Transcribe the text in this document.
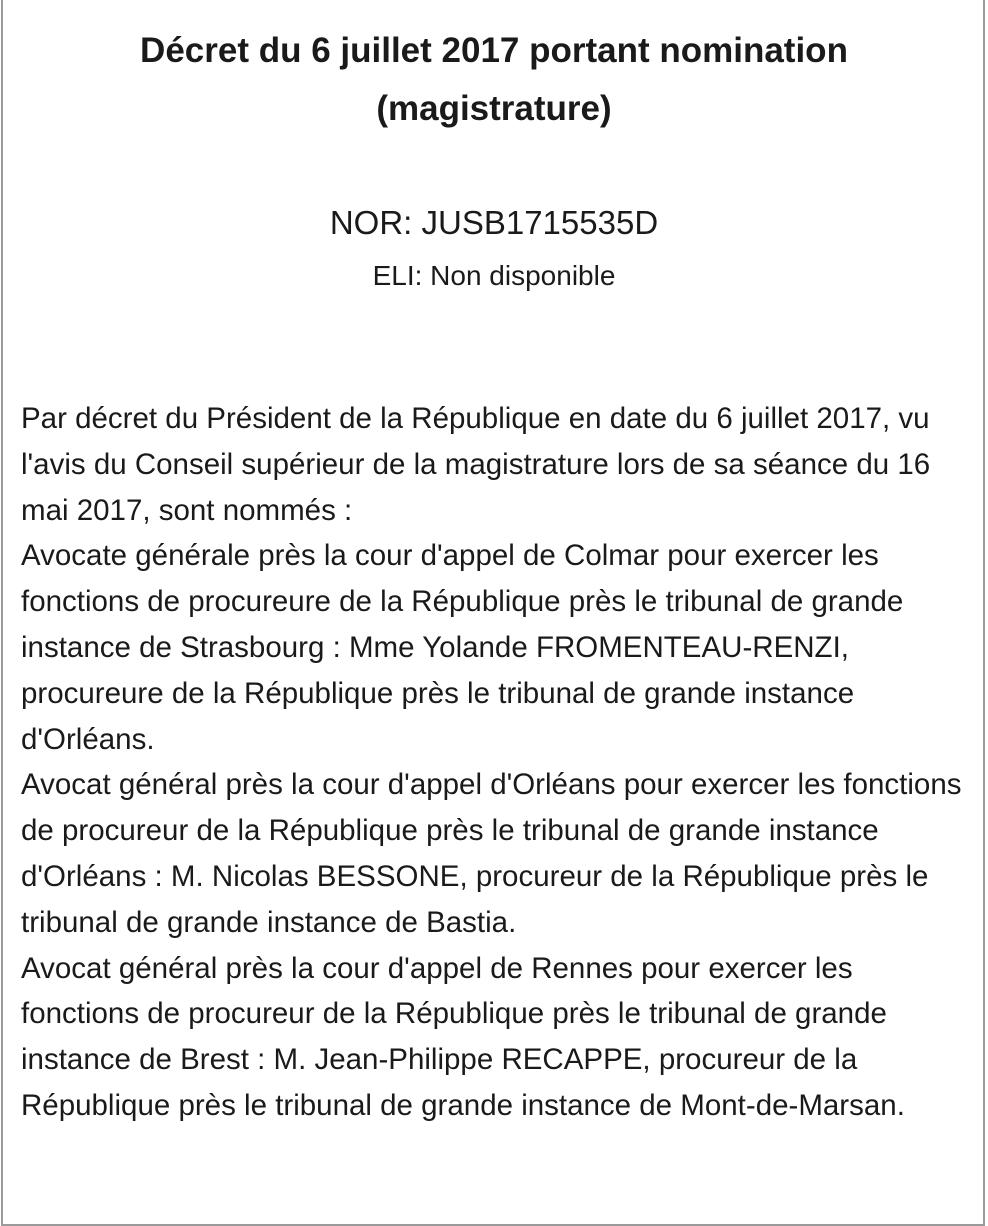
Décret du 6 juillet 2017 portant nomination
(magistrature)
NOR: JUSB1715535D
ELI: Non disponible

Par décret du Président de la République en date du 6 juillet 2017, vu l'avis du Conseil supérieur de la magistrature lors de sa séance du 16 mai 2017, sont nommés :

Avocate générale près la cour d'appel de Colmar pour exercer les fonctions de procureure de la République près le tribunal de grande instance de Strasbourg : Mme Yolande FROMENTEAU-RENZI, procureure de la République près le tribunal de grande instance d'Orléans.

Avocat général près la cour d'appel d'Orléans pour exercer les fonctions de procureur de la République près le tribunal de grande instance d'Orléans : M. Nicolas BESSONE, procureur de la République près le tribunal de grande instance de Bastia.

Avocat général près la cour d'appel de Rennes pour exercer les fonctions de procureur de la République près le tribunal de grande instance de Brest : M. Jean-Philippe RECAPPE, procureur de la République près le tribunal de grande instance de Mont-de-Marsan.
